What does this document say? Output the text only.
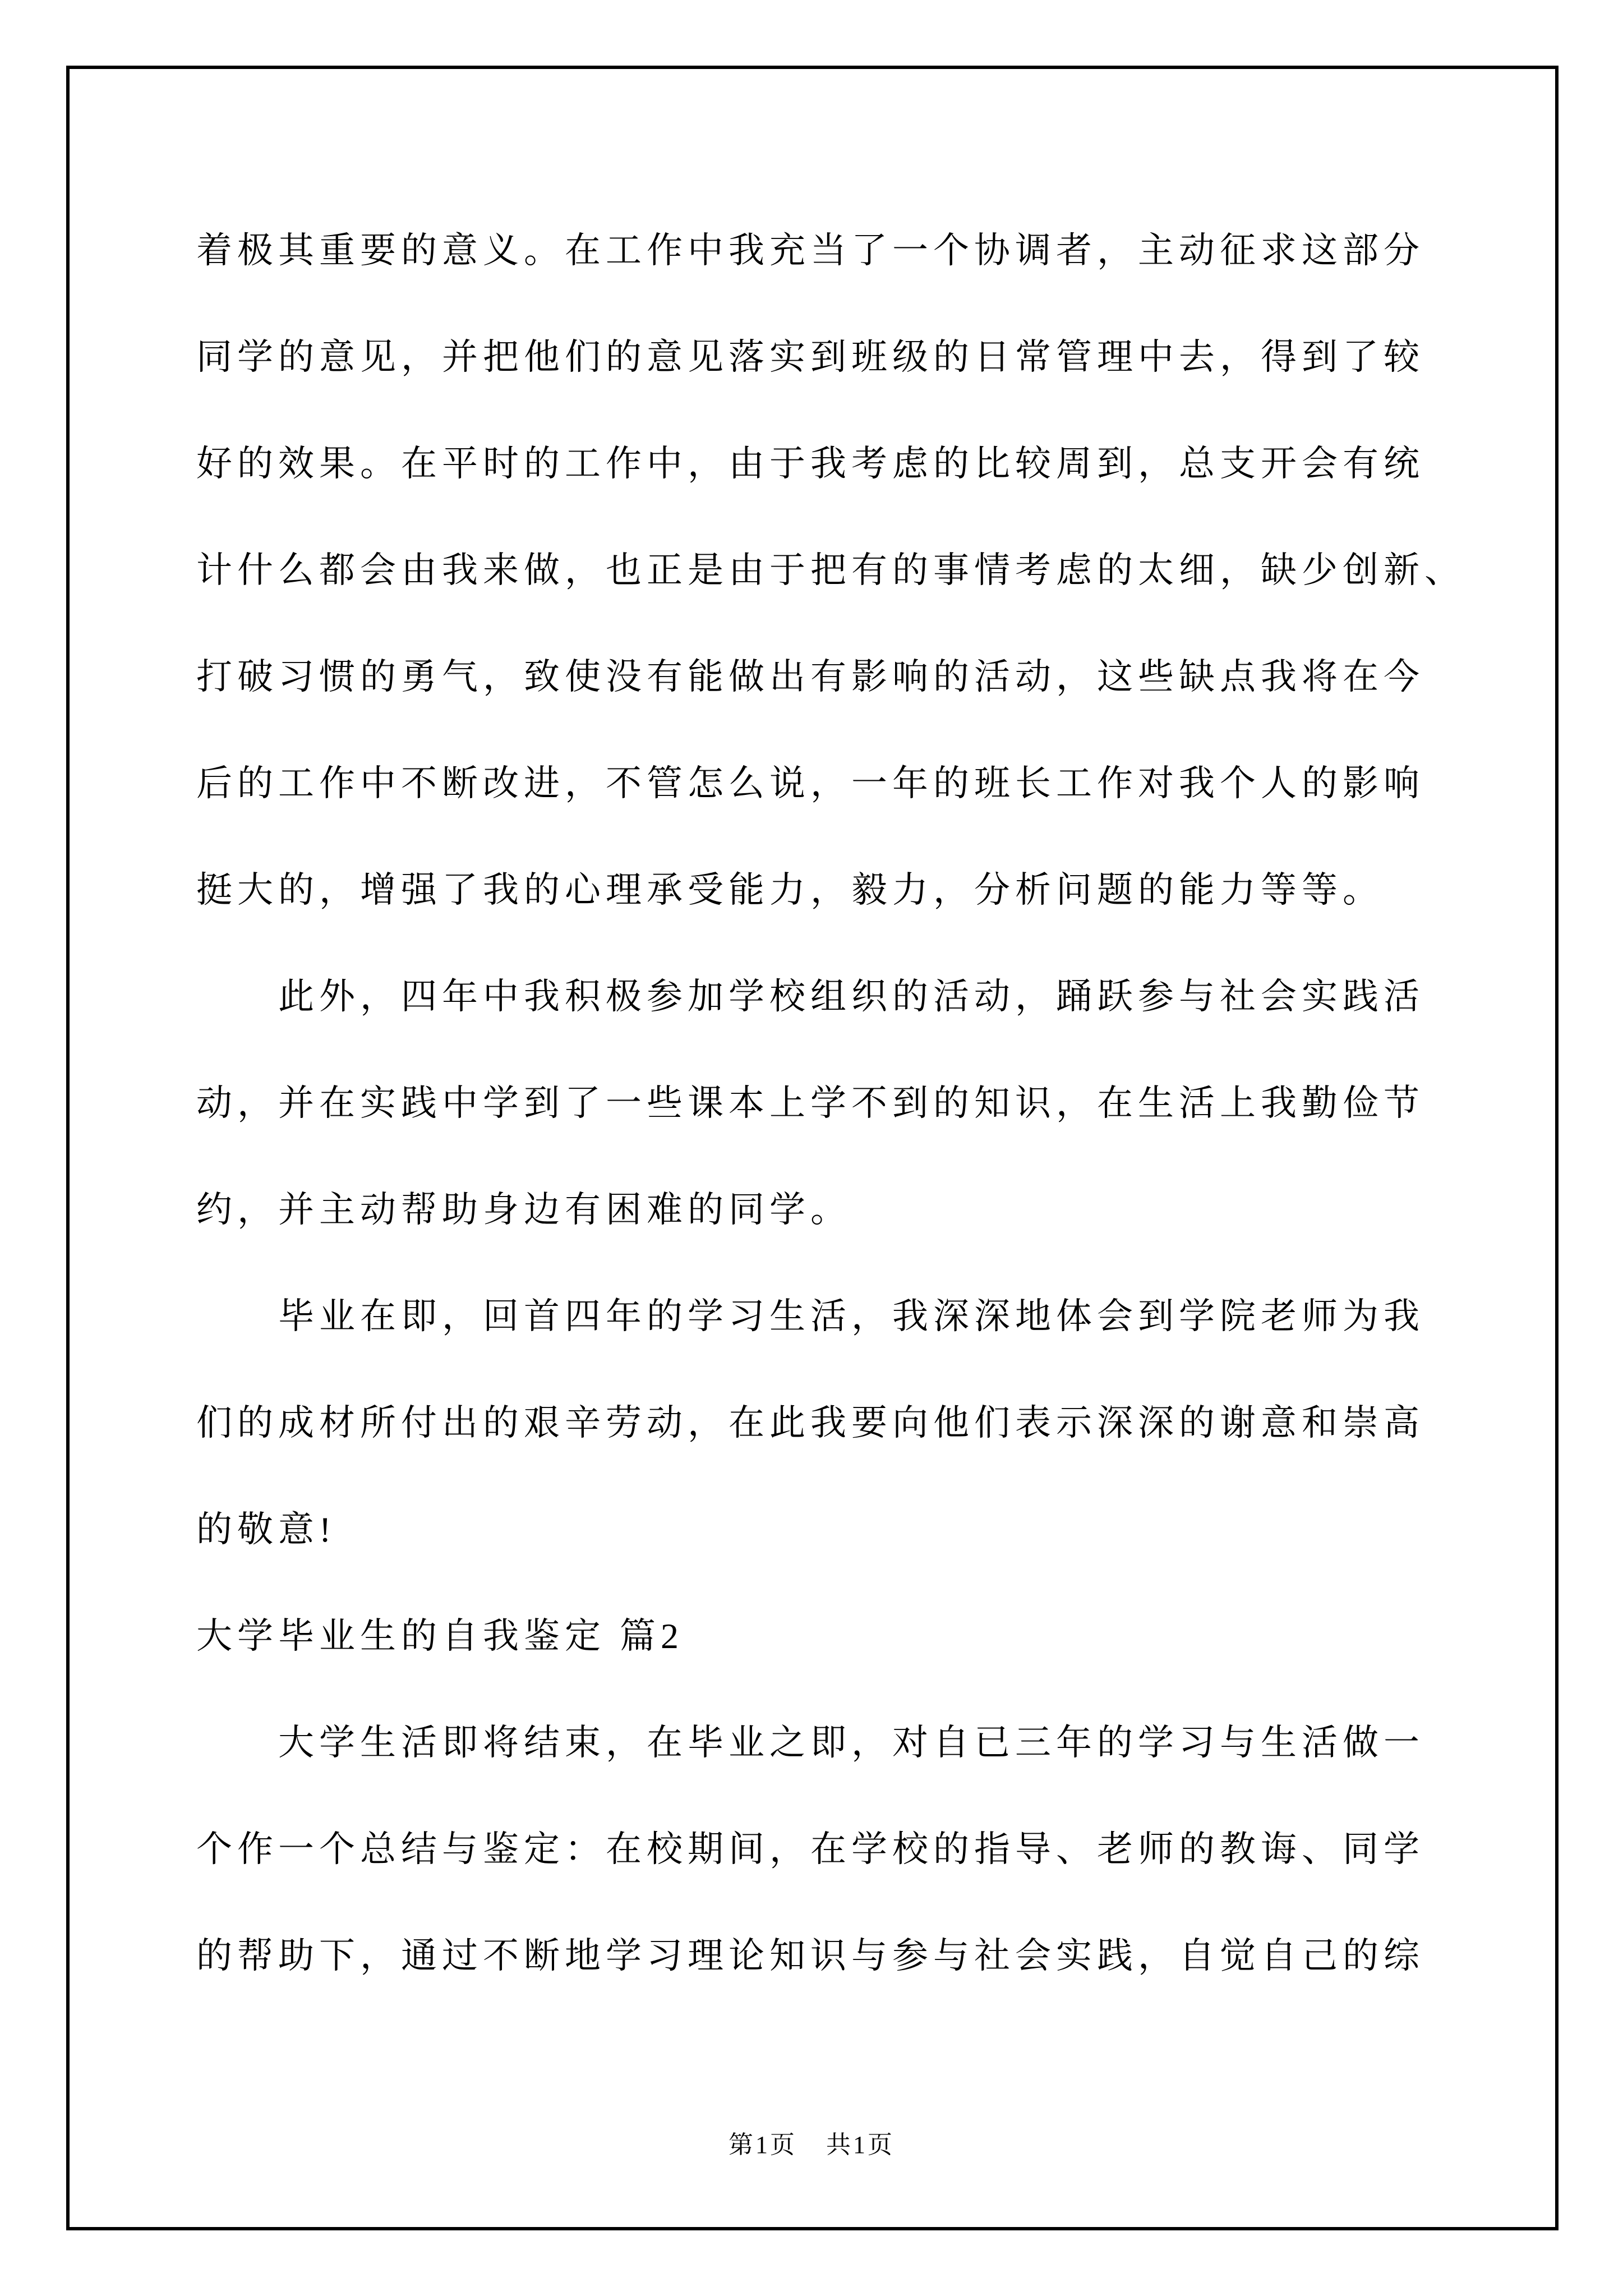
着极其重要的意义。在工作中我充当了一个协调者，主动征求这部分
同学的意见，并把他们的意见落实到班级的日常管理中去，得到了较
好的效果。在平时的工作中，由于我考虑的比较周到，总支开会有统
计什么都会由我来做，也正是由于把有的事情考虑的太细，缺少创新、
打破习惯的勇气，致使没有能做出有影响的活动，这些缺点我将在今
后的工作中不断改进，不管怎么说，一年的班长工作对我个人的影响
挺大的，增强了我的心理承受能力，毅力，分析问题的能力等等。
此外，四年中我积极参加学校组织的活动，踊跃参与社会实践活
动，并在实践中学到了一些课本上学不到的知识，在生活上我勤俭节
约，并主动帮助身边有困难的同学。
毕业在即，回首四年的学习生活，我深深地体会到学院老师为我
们的成材所付出的艰辛劳动，在此我要向他们表示深深的谢意和崇高
的敬意!
大学毕业生的自我鉴定 篇2
大学生活即将结束，在毕业之即，对自已三年的学习与生活做一
个作一个总结与鉴定：在校期间，在学校的指导、老师的教诲、同学
的帮助下，通过不断地学习理论知识与参与社会实践，自觉自己的综
第1页 共1页
